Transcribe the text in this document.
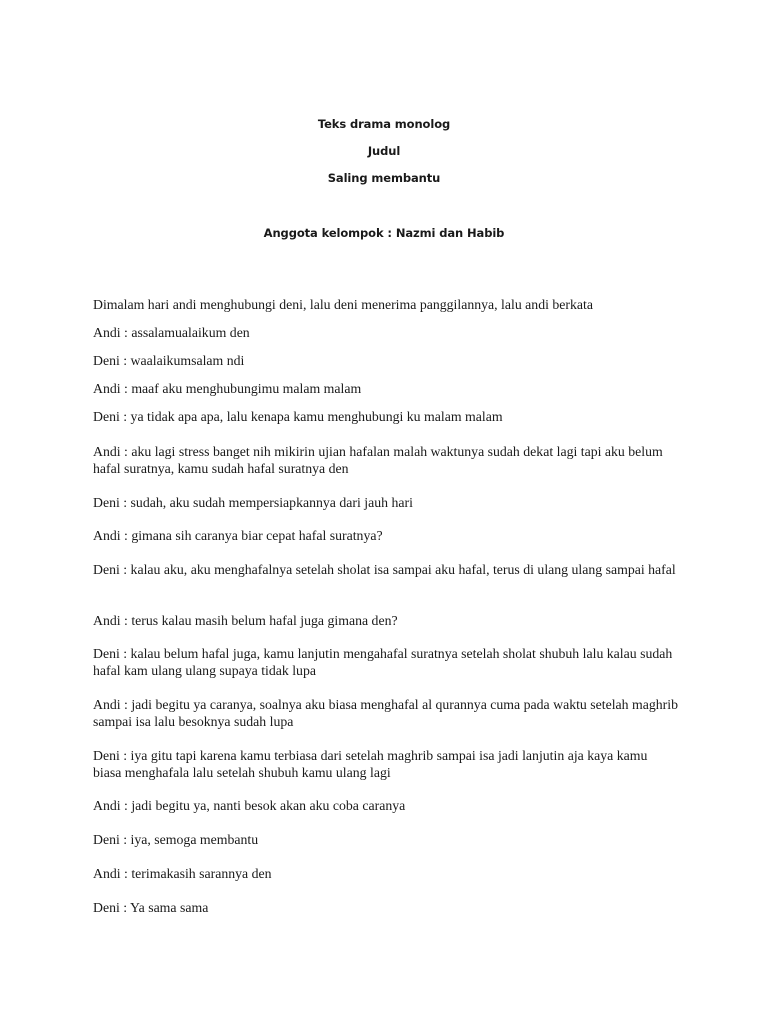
Teks drama monolog
Judul
Saling membantu
Anggota kelompok : Nazmi dan Habib
Dimalam hari andi menghubungi deni, lalu deni menerima panggilannya, lalu andi berkata
Andi : assalamualaikum den
Deni : waalaikumsalam ndi
Andi : maaf aku menghubungimu malam malam
Deni : ya tidak apa apa, lalu kenapa kamu menghubungi ku malam malam
Andi : aku lagi stress banget nih mikirin ujian hafalan malah waktunya sudah dekat lagi tapi aku belum hafal suratnya, kamu sudah hafal suratnya den
Deni : sudah, aku sudah mempersiapkannya dari jauh hari
Andi : gimana sih caranya biar cepat hafal suratnya?
Deni : kalau aku, aku menghafalnya setelah sholat isa sampai aku hafal, terus di ulang ulang sampai hafal
Andi : terus kalau masih belum hafal juga gimana den?
Deni : kalau belum hafal juga, kamu lanjutin mengahafal suratnya setelah sholat shubuh lalu kalau sudah hafal kam ulang ulang supaya tidak lupa
Andi : jadi begitu ya caranya, soalnya aku biasa menghafal al qurannya cuma pada waktu setelah maghrib sampai isa lalu besoknya sudah lupa
Deni : iya gitu tapi karena kamu terbiasa dari setelah maghrib sampai isa jadi lanjutin aja kaya kamu biasa menghafala lalu setelah shubuh kamu ulang lagi
Andi : jadi begitu ya, nanti besok akan aku coba caranya
Deni : iya, semoga membantu
Andi : terimakasih sarannya den
Deni : Ya sama sama
